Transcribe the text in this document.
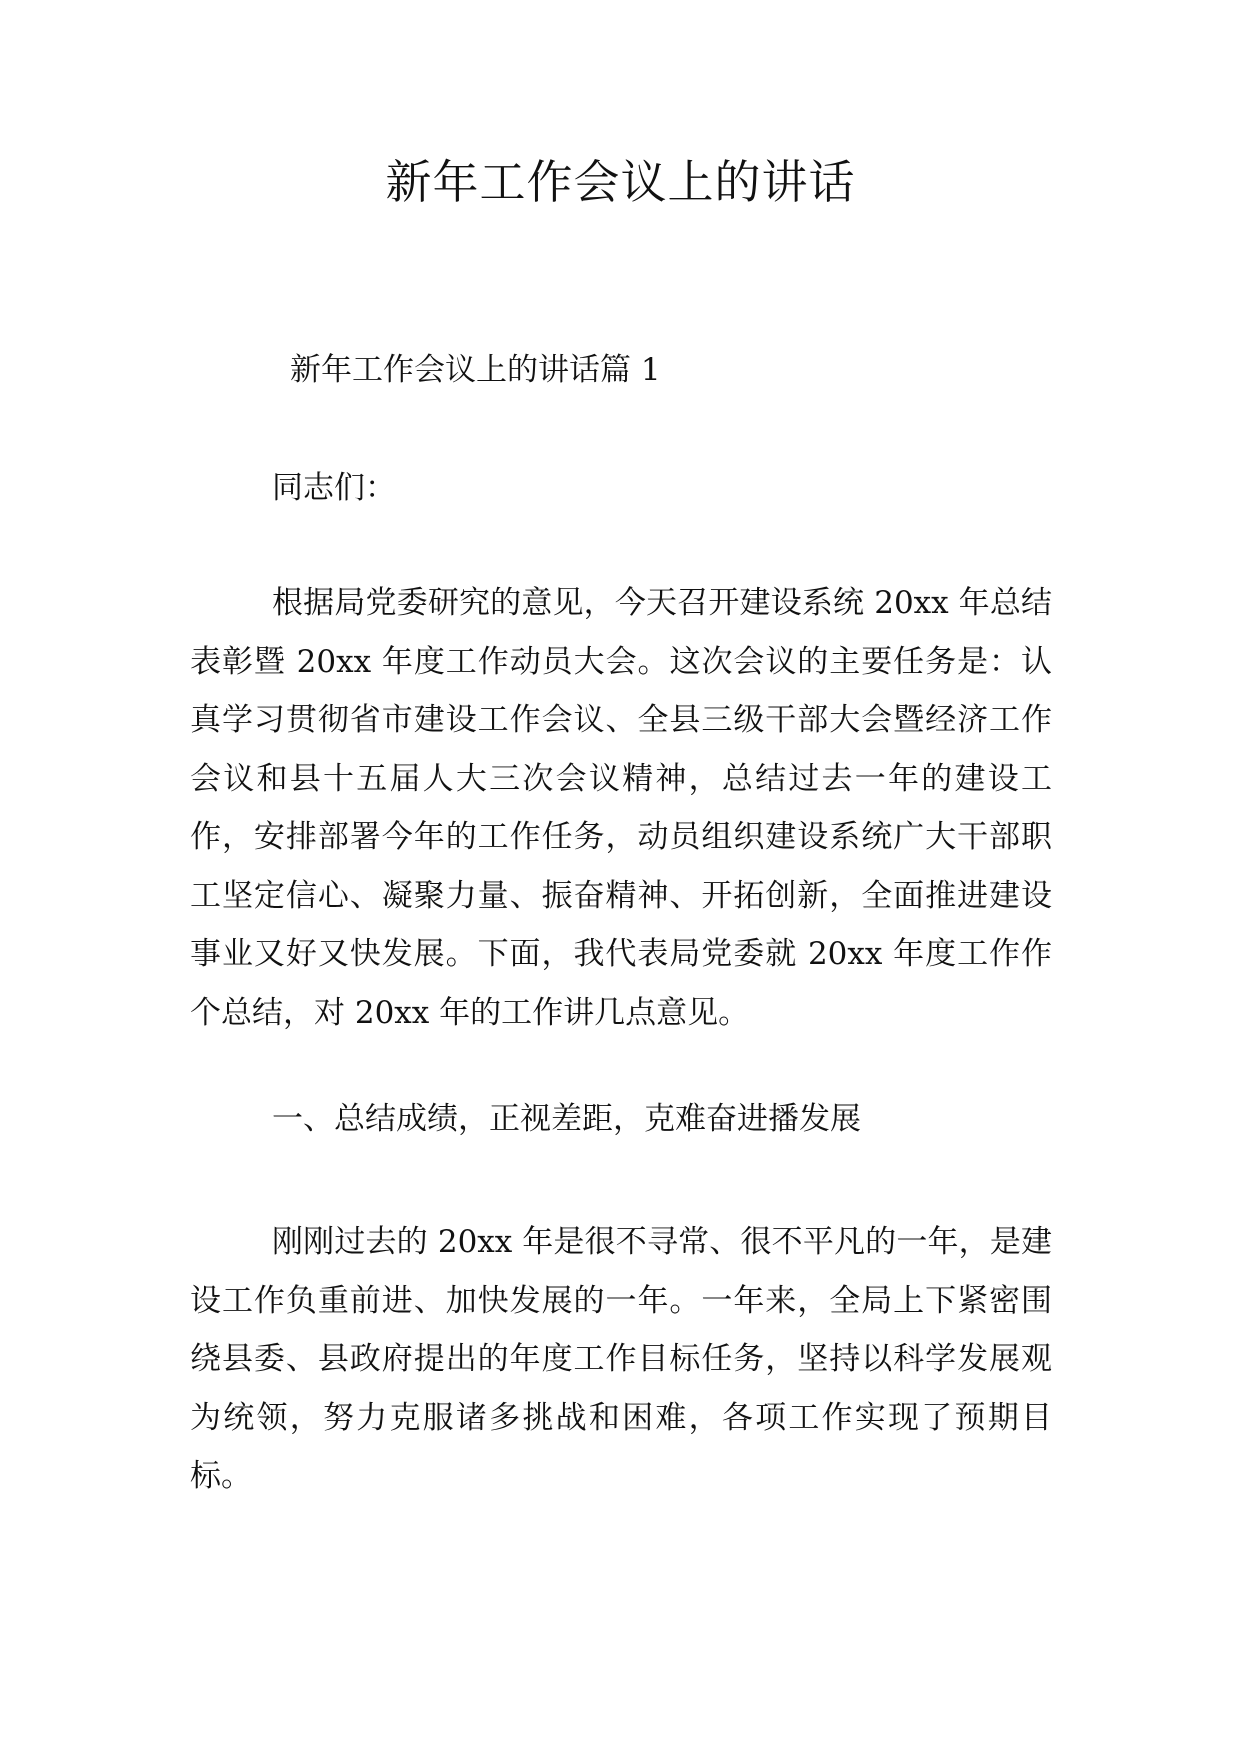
新年工作会议上的讲话

新年工作会议上的讲话篇 1

同志们：

根据局党委研究的意见，今天召开建设系统 20xx 年总结表彰暨 20xx 年度工作动员大会。这次会议的主要任务是：认真学习贯彻省市建设工作会议、全县三级干部大会暨经济工作会议和县十五届人大三次会议精神，总结过去一年的建设工作，安排部署今年的工作任务，动员组织建设系统广大干部职工坚定信心、凝聚力量、振奋精神、开拓创新，全面推进建设事业又好又快发展。下面，我代表局党委就 20xx 年度工作作个总结，对 20xx 年的工作讲几点意见。

一、总结成绩，正视差距，克难奋进播发展

刚刚过去的 20xx 年是很不寻常、很不平凡的一年，是建设工作负重前进、加快发展的一年。一年来，全局上下紧密围绕县委、县政府提出的年度工作目标任务，坚持以科学发展观为统领，努力克服诸多挑战和困难，各项工作实现了预期目标。
